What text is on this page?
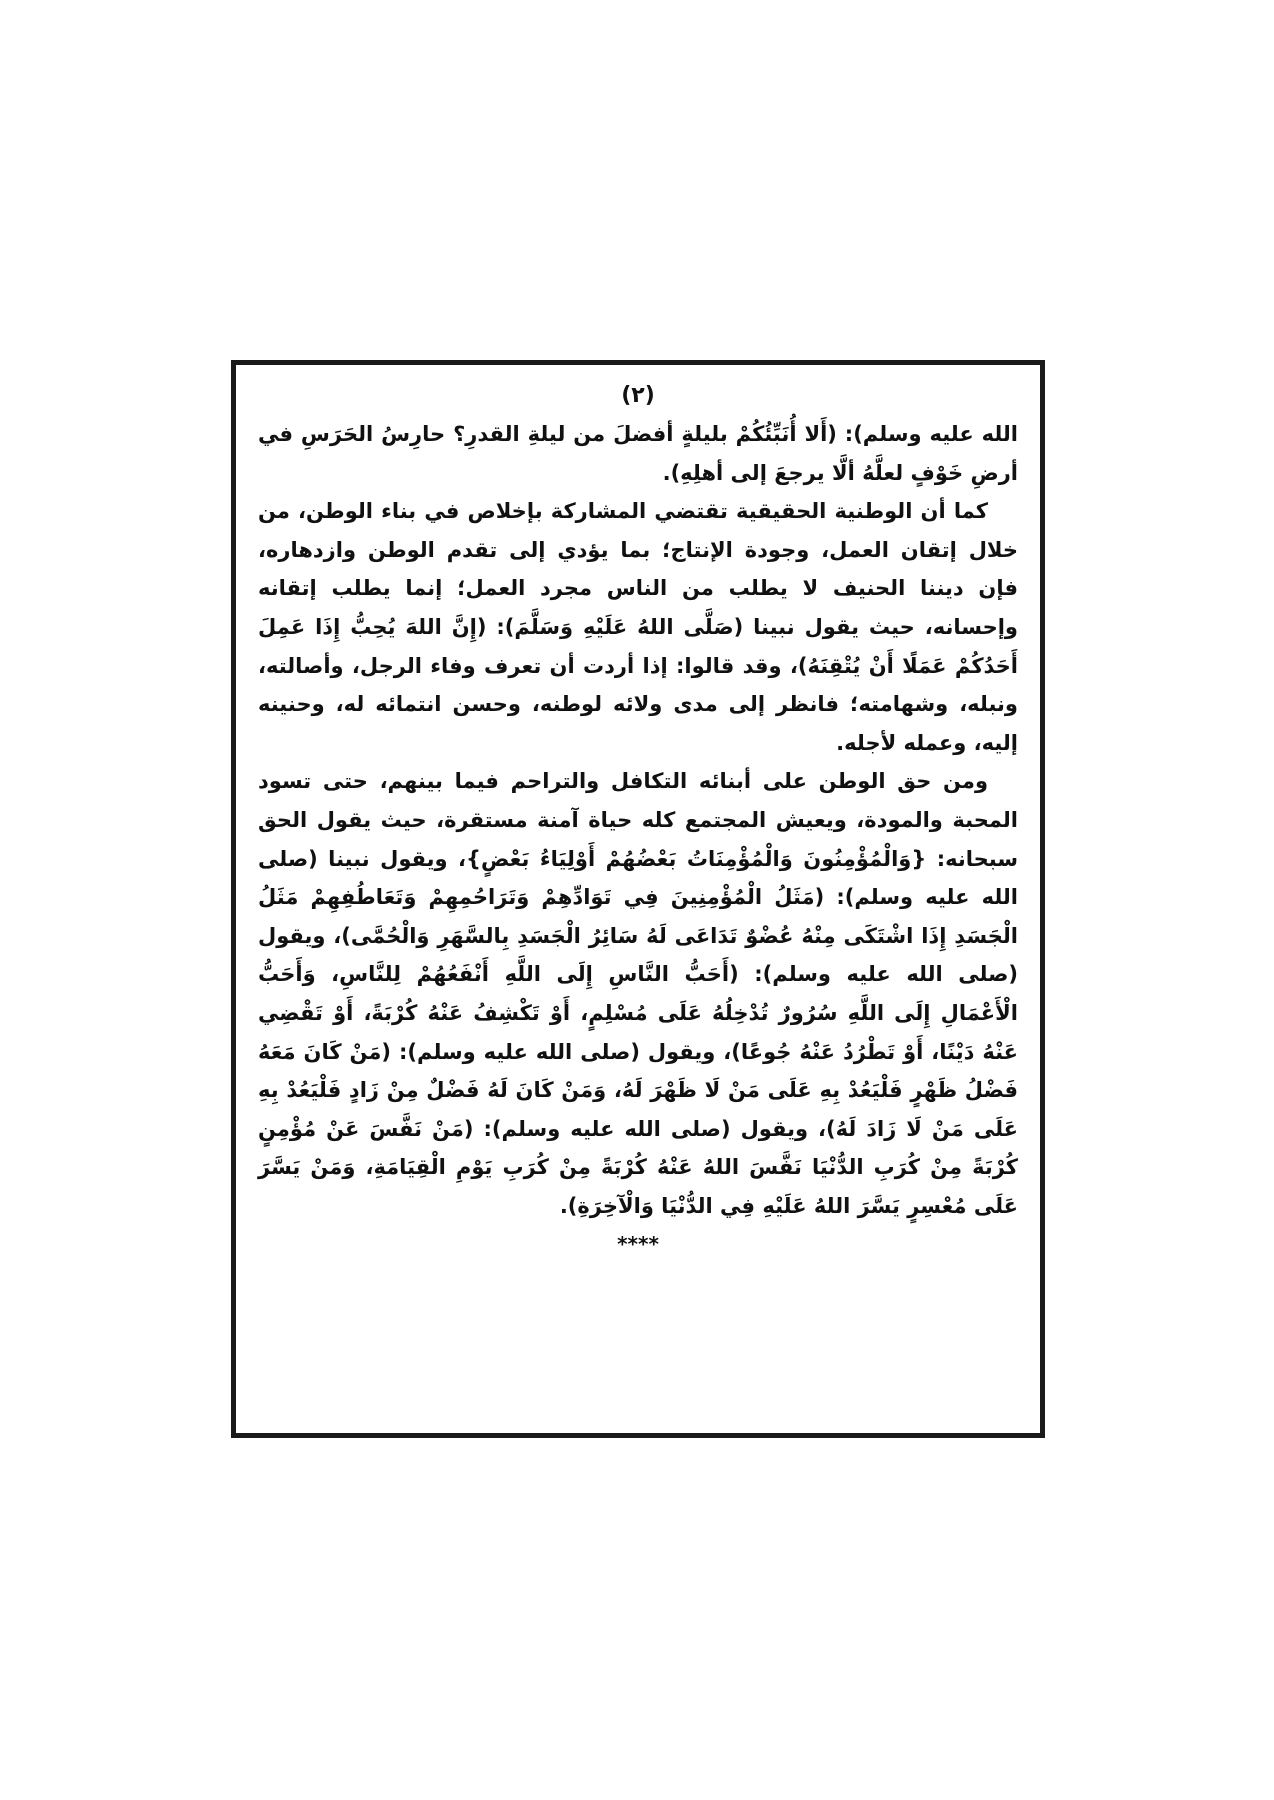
(٢)

الله عليه وسلم): (أَلا أُنَبِّئُكُمْ بليلةٍ أفضلَ من ليلةِ القدرِ؟ حارِسُ الحَرَسِ في أرضِ خَوْفٍ لعلَّهُ ألَّا يرجعَ إلى أهلِهِ).

كما أن الوطنية الحقيقية تقتضي المشاركة بإخلاص في بناء الوطن، من خلال إتقان العمل، وجودة الإنتاج؛ بما يؤدي إلى تقدم الوطن وازدهاره، فإن ديننا الحنيف لا يطلب من الناس مجرد العمل؛ إنما يطلب إتقانه وإحسانه، حيث يقول نبينا (صَلَّى اللهُ عَلَيْهِ وَسَلَّمَ): (إِنَّ اللهَ يُحِبُّ إِذَا عَمِلَ أَحَدُكُمْ عَمَلًا أَنْ يُتْقِنَهُ)، وقد قالوا: إذا أردت أن تعرف وفاء الرجل، وأصالته، ونبله، وشهامته؛ فانظر إلى مدى ولائه لوطنه، وحسن انتمائه له، وحنينه إليه، وعمله لأجله.

ومن حق الوطن على أبنائه التكافل والتراحم فيما بينهم، حتى تسود المحبة والمودة، ويعيش المجتمع كله حياة آمنة مستقرة، حيث يقول الحق سبحانه: {وَالْمُؤْمِنُونَ وَالْمُؤْمِنَاتُ بَعْضُهُمْ أَوْلِيَاءُ بَعْضٍ}، ويقول نبينا (صلى الله عليه وسلم): (مَثَلُ الْمُؤْمِنِينَ فِي تَوَادِّهِمْ وَتَرَاحُمِهِمْ وَتَعَاطُفِهِمْ مَثَلُ الْجَسَدِ إِذَا اشْتَكَى مِنْهُ عُضْوٌ تَدَاعَى لَهُ سَائِرُ الْجَسَدِ بِالسَّهَرِ وَالْحُمَّى)، ويقول (صلى الله عليه وسلم): (أَحَبُّ النَّاسِ إِلَى اللَّهِ أَنْفَعُهُمْ لِلنَّاسِ، وَأَحَبُّ الْأَعْمَالِ إِلَى اللَّهِ سُرُورٌ تُدْخِلُهُ عَلَى مُسْلِمٍ، أَوْ تَكْشِفُ عَنْهُ كُرْبَةً، أَوْ تَقْضِي عَنْهُ دَيْنًا، أَوْ تَطْرُدُ عَنْهُ جُوعًا)، ويقول (صلى الله عليه وسلم): (مَنْ كَانَ مَعَهُ فَضْلُ ظَهْرٍ فَلْيَعُدْ بِهِ عَلَى مَنْ لَا ظَهْرَ لَهُ، وَمَنْ كَانَ لَهُ فَضْلٌ مِنْ زَادٍ فَلْيَعُدْ بِهِ عَلَى مَنْ لَا زَادَ لَهُ)، ويقول (صلى الله عليه وسلم): (مَنْ نَفَّسَ عَنْ مُؤْمِنٍ كُرْبَةً مِنْ كُرَبِ الدُّنْيَا نَفَّسَ اللهُ عَنْهُ كُرْبَةً مِنْ كُرَبِ يَوْمِ الْقِيَامَةِ، وَمَنْ يَسَّرَ عَلَى مُعْسِرٍ يَسَّرَ اللهُ عَلَيْهِ فِي الدُّنْيَا وَالْآخِرَةِ).

****
